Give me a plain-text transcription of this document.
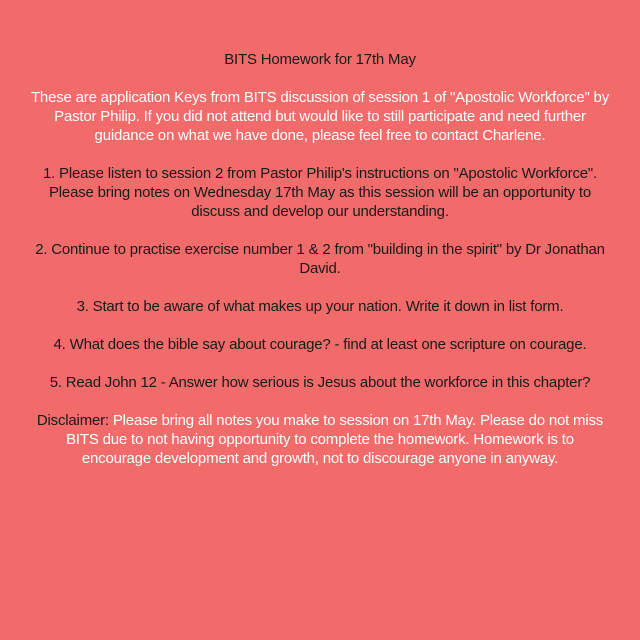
BITS Homework for 17th May

These are application Keys from BITS discussion of session 1 of "Apostolic Workforce" by Pastor Philip. If you did not attend but would like to still participate and need further guidance on what we have done, please feel free to contact Charlene.

1. Please listen to session 2 from Pastor Philip's instructions on "Apostolic Workforce". Please bring notes on Wednesday 17th May as this session will be an opportunity to discuss and develop our understanding.

2. Continue to practise exercise number 1 & 2 from "building in the spirit" by Dr Jonathan David.

3. Start to be aware of what makes up your nation. Write it down in list form.

4. What does the bible say about courage? - find at least one scripture on courage.

5. Read John 12 - Answer how serious is Jesus about the workforce in this chapter?

Disclaimer: Please bring all notes you make to session on 17th May. Please do not miss BITS due to not having opportunity to complete the homework. Homework is to encourage development and growth, not to discourage anyone in anyway.
